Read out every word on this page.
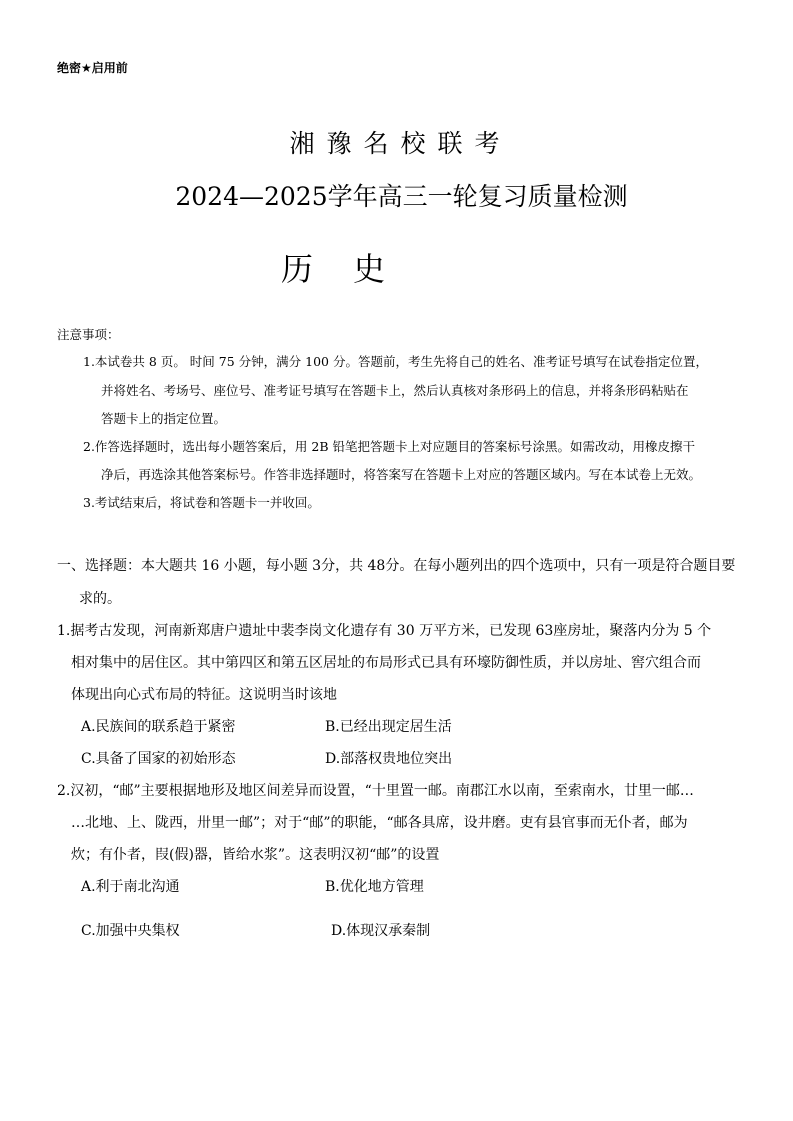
绝密★启用前
湘豫名校联考
2024—2025学年高三一轮复习质量检测
历史
注意事项：
1.本试卷共 8 页。 时间 75 分钟，满分 100 分。答题前，考生先将自己的姓名、准考证号填写在试卷指定位置，
并将姓名、考场号、座位号、准考证号填写在答题卡上，然后认真核对条形码上的信息，并将条形码粘贴在
答题卡上的指定位置。
2.作答选择题时，选出每小题答案后，用 2B 铅笔把答题卡上对应题目的答案标号涂黑。如需改动，用橡皮擦干
净后，再选涂其他答案标号。作答非选择题时，将答案写在答题卡上对应的答题区域内。写在本试卷上无效。
3.考试结束后，将试卷和答题卡一并收回。
一、选择题：本大题共 16 小题，每小题 3分，共 48分。在每小题列出的四个选项中，只有一项是符合题目要
求的。
1.据考古发现，河南新郑唐户遗址中裴李岗文化遗存有 30 万平方米，已发现 63座房址，聚落内分为 5 个
相对集中的居住区。其中第四区和第五区居址的布局形式已具有环壕防御性质，并以房址、窖穴组合而
体现出向心式布局的特征。这说明当时该地
A.民族间的联系趋于紧密	B.已经出现定居生活
C.具备了国家的初始形态	D.部落权贵地位突出
2.汉初，“邮”主要根据地形及地区间差异而设置，“十里置一邮。南郡江水以南，至索南水，廿里一邮…
…北地、上、陇西，卅里一邮”；对于“邮”的职能，“邮各具席，设井磨。吏有县官事而无仆者，邮为
炊；有仆者，叚(假)器，皆给水浆”。这表明汉初“邮”的设置
A.利于南北沟通	B.优化地方管理
C.加强中央集权	D.体现汉承秦制
